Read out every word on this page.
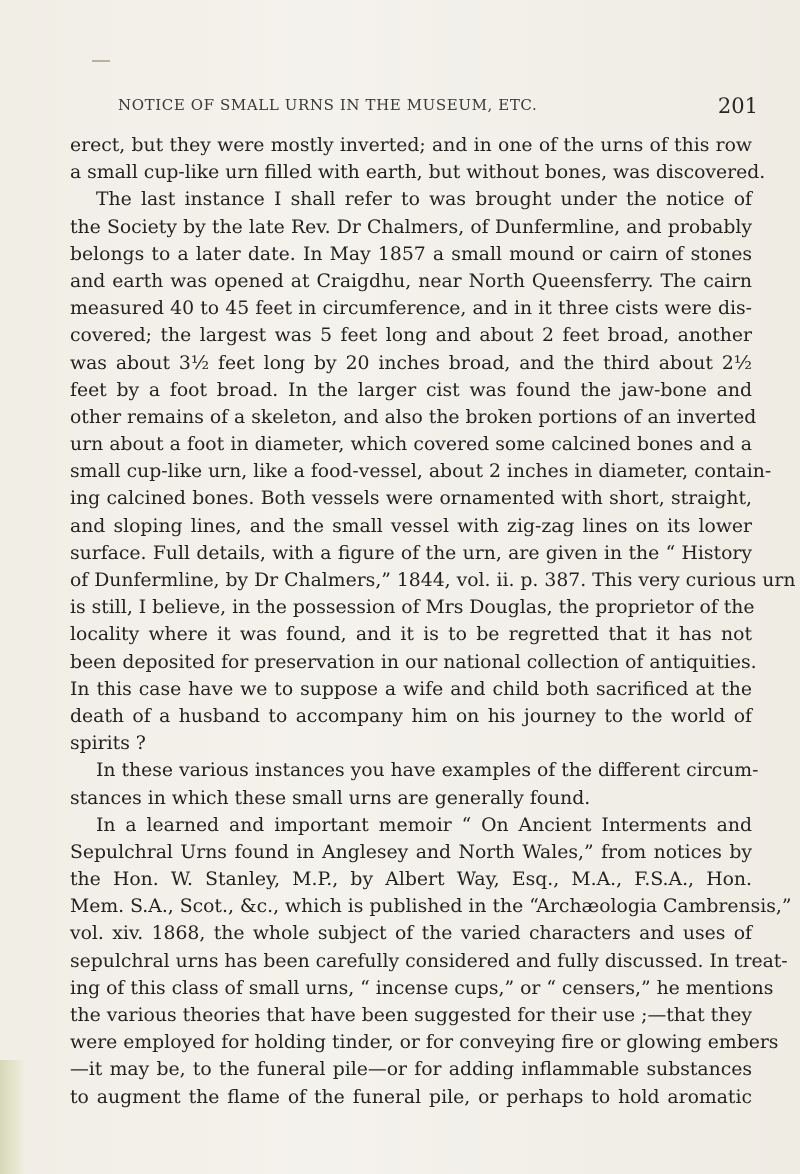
NOTICE OF SMALL URNS IN THE MUSEUM, ETC.	201
erect, but they were mostly inverted; and in one of the urns of this row
a small cup-like urn filled with earth, but without bones, was discovered.
The last instance I shall refer to was brought under the notice of
the Society by the late Rev. Dr Chalmers, of Dunfermline, and probably
belongs to a later date. In May 1857 a small mound or cairn of stones
and earth was opened at Craigdhu, near North Queensferry. The cairn
measured 40 to 45 feet in circumference, and in it three cists were dis-
covered; the largest was 5 feet long and about 2 feet broad, another
was about 3½ feet long by 20 inches broad, and the third about 2½
feet by a foot broad. In the larger cist was found the jaw-bone and
other remains of a skeleton, and also the broken portions of an inverted
urn about a foot in diameter, which covered some calcined bones and a
small cup-like urn, like a food-vessel, about 2 inches in diameter, contain-
ing calcined bones. Both vessels were ornamented with short, straight,
and sloping lines, and the small vessel with zig-zag lines on its lower
surface. Full details, with a figure of the urn, are given in the “ History
of Dunfermline, by Dr Chalmers,” 1844, vol. ii. p. 387. This very curious urn
is still, I believe, in the possession of Mrs Douglas, the proprietor of the
locality where it was found, and it is to be regretted that it has not
been deposited for preservation in our national collection of antiquities.
In this case have we to suppose a wife and child both sacrificed at the
death of a husband to accompany him on his journey to the world of
spirits ?
In these various instances you have examples of the different circum-
stances in which these small urns are generally found.
In a learned and important memoir “ On Ancient Interments and
Sepulchral Urns found in Anglesey and North Wales,” from notices by
the Hon. W. Stanley, M.P., by Albert Way, Esq., M.A., F.S.A., Hon.
Mem. S.A., Scot., &c., which is published in the “Archæologia Cambrensis,”
vol. xiv. 1868, the whole subject of the varied characters and uses of
sepulchral urns has been carefully considered and fully discussed. In treat-
ing of this class of small urns, “ incense cups,” or “ censers,” he mentions
the various theories that have been suggested for their use ;—that they
were employed for holding tinder, or for conveying fire or glowing embers
—it may be, to the funeral pile—or for adding inflammable substances
to augment the flame of the funeral pile, or perhaps to hold aromatic
